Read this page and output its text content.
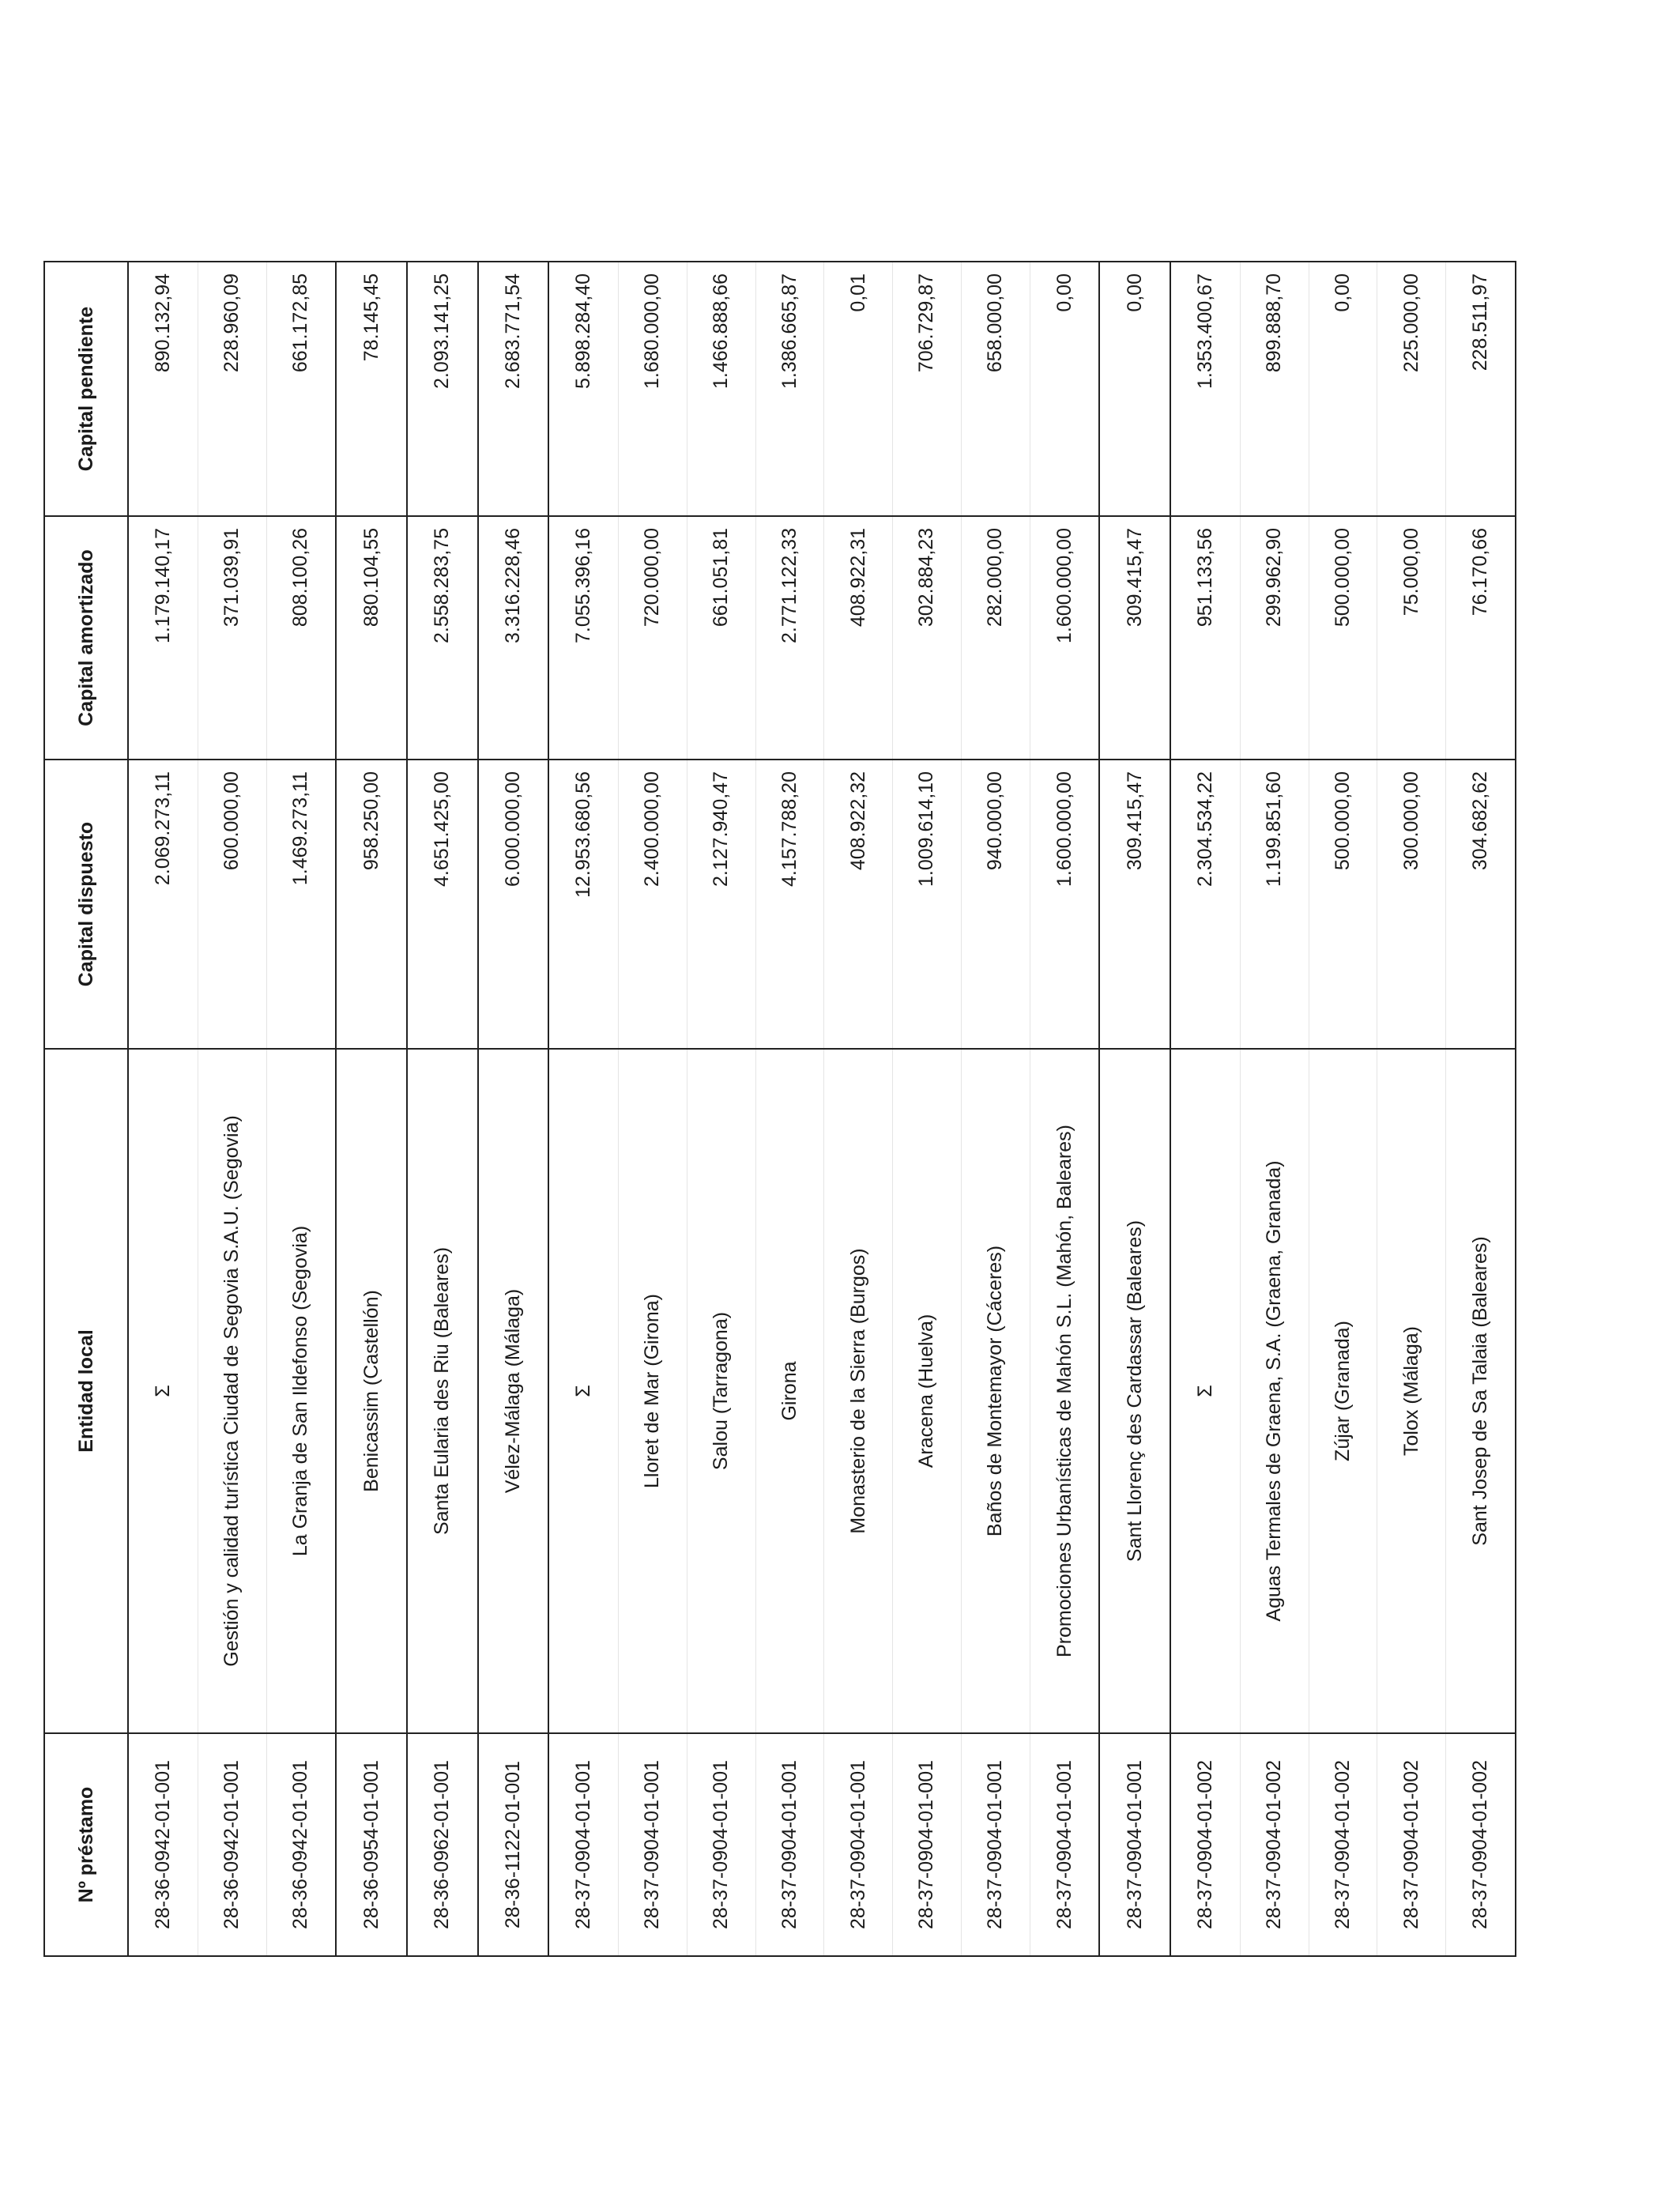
Nº préstamo	Entidad local	Capital dispuesto	Capital amortizado	Capital pendiente
28-36-0942-01-001	Σ	2.069.273,11	1.179.140,17	890.132,94
28-36-0942-01-001	Gestión y calidad turística Ciudad de Segovia S.A.U. (Segovia)	600.000,00	371.039,91	228.960,09
28-36-0942-01-001	La Granja de San Ildefonso (Segovia)	1.469.273,11	808.100,26	661.172,85
28-36-0954-01-001	Benicassim (Castellón)	958.250,00	880.104,55	78.145,45
28-36-0962-01-001	Santa Eularia des Riu (Baleares)	4.651.425,00	2.558.283,75	2.093.141,25
28-36-1122-01-001	Vélez-Málaga (Málaga)	6.000.000,00	3.316.228,46	2.683.771,54
28-37-0904-01-001	Σ	12.953.680,56	7.055.396,16	5.898.284,40
28-37-0904-01-001	Lloret de Mar (Girona)	2.400.000,00	720.000,00	1.680.000,00
28-37-0904-01-001	Salou (Tarragona)	2.127.940,47	661.051,81	1.466.888,66
28-37-0904-01-001	Girona	4.157.788,20	2.771.122,33	1.386.665,87
28-37-0904-01-001	Monasterio de la Sierra (Burgos)	408.922,32	408.922,31	0,01
28-37-0904-01-001	Aracena (Huelva)	1.009.614,10	302.884,23	706.729,87
28-37-0904-01-001	Baños de Montemayor (Cáceres)	940.000,00	282.000,00	658.000,00
28-37-0904-01-001	Promociones Urbanísticas de Mahón S.L. (Mahón, Baleares)	1.600.000,00	1.600.000,00	0,00
28-37-0904-01-001	Sant Llorenç des Cardassar (Baleares)	309.415,47	309.415,47	0,00
28-37-0904-01-002	Σ	2.304.534,22	951.133,56	1.353.400,67
28-37-0904-01-002	Aguas Termales de Graena, S.A. (Graena, Granada)	1.199.851,60	299.962,90	899.888,70
28-37-0904-01-002	Zújar (Granada)	500.000,00	500.000,00	0,00
28-37-0904-01-002	Tolox (Málaga)	300.000,00	75.000,00	225.000,00
28-37-0904-01-002	Sant Josep de Sa Talaia (Baleares)	304.682,62	76.170,66	228.511,97
